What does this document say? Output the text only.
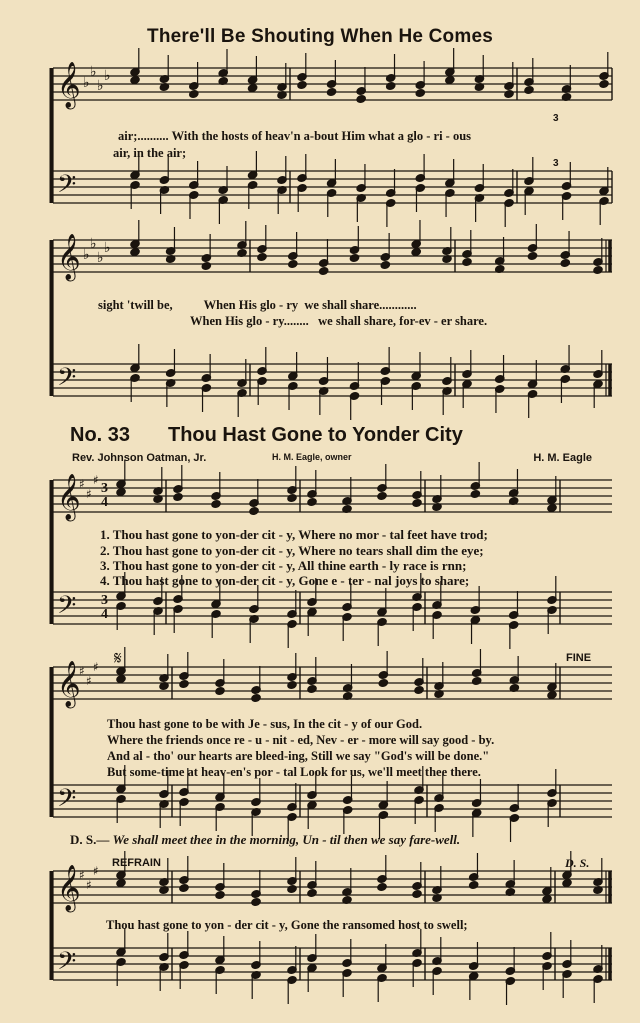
There'll Be Shouting When He Comes
𝄞
𝄢
𝄞
𝄢
𝄞
𝄢
𝄞
𝄢
𝄞
𝄢
3
3
4
4
♭
♭
♭
♭
♭
♭
♭
♭
♯
♯
♯
♯
♯
♯
♯
♯
♯
𝄋
air;.......... With the hosts of heav'n a-bout Him what a glo - ri - ous
air, in the air;
3
3
sight 'twill be,          When His glo - ry  we shall share............
When His glo - ry........   we shall share, for-ev - er share.
No. 33 Thou Hast Gone to Yonder City
Rev. Johnson Oatman, Jr.	H. M. Eagle, owner	H. M. Eagle
1. Thou hast gone to yon-der cit - y, Where no mor - tal feet have trod;
2. Thou hast gone to yon-der cit - y, Where no tears shall dim the eye;
3. Thou hast gone to yon-der cit - y, All thine earth - ly race is rnn;
4. Thou hast gone to yon-der cit - y, Gone e - ter - nal joys to share;
FINE
Thou hast gone to be with Je - sus, In the cit - y of our God.
Where the friends once re - u - nit - ed, Nev - er - more will say good - by.
And al - tho' our hearts are bleed-ing, Still we say "God's will be done."
But some-time at heav-en's por - tal Look for us, we'll meet thee there.
D. S.— We shall meet thee in the morning, Un - til then we say fare-well.
REFRAIN	D. S.
Thou hast gone to yon - der cit - y, Gone the ransomed host to swell;
